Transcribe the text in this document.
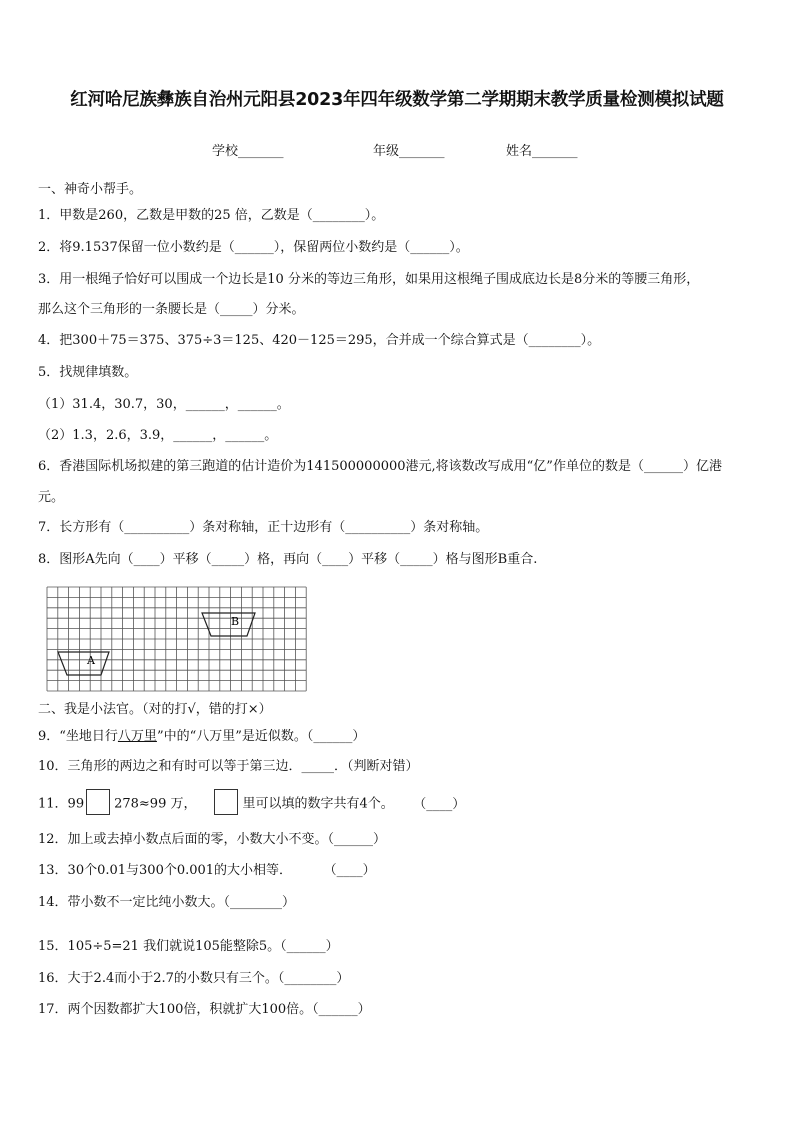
红河哈尼族彝族自治州元阳县2023年四年级数学第二学期期末教学质量检测模拟试题
学校_______	年级_______	姓名_______
一、神奇小帮手。
1．甲数是260，乙数是甲数的25 倍，乙数是（________）。
2．将9.1537保留一位小数约是（______），保留两位小数约是（______）。
3．用一根绳子恰好可以围成一个边长是10 分米的等边三角形，如果用这根绳子围成底边长是8分米的等腰三角形，
那么这个三角形的一条腰长是（_____）分米。
4．把300＋75＝375、375÷3＝125、420－125＝295，合并成一个综合算式是（________）。
5．找规律填数。
（1）31.4，30.7，30，______，______。
（2）1.3，2.6，3.9，______，______。
6．香港国际机场拟建的第三跑道的估计造价为141500000000港元,将该数改写成用“亿”作单位的数是（______）亿港
元。
7．长方形有（__________）条对称轴，正十边形有（__________）条对称轴。
8．图形A先向（____）平移（_____）格，再向（____）平移（_____）格与图形B重合.
A
B
二、我是小法官。（对的打√，错的打×）
9．“坐地日行八万里”中的“八万里”是近似数。（______）
10．三角形的两边之和有时可以等于第三边．_____．（判断对错）
11．99 278≈99 万，	里可以填的数字共有4个。 （____）
12．加上或去掉小数点后面的零，小数大小不变。（______）
13．30个0.01与300个0.001的大小相等．	（____）
14．带小数不一定比纯小数大。（________）
15．105÷5=21 我们就说105能整除5。（______）
16．大于2.4而小于2.7的小数只有三个。（________）
17．两个因数都扩大100倍，积就扩大100倍。（______）
